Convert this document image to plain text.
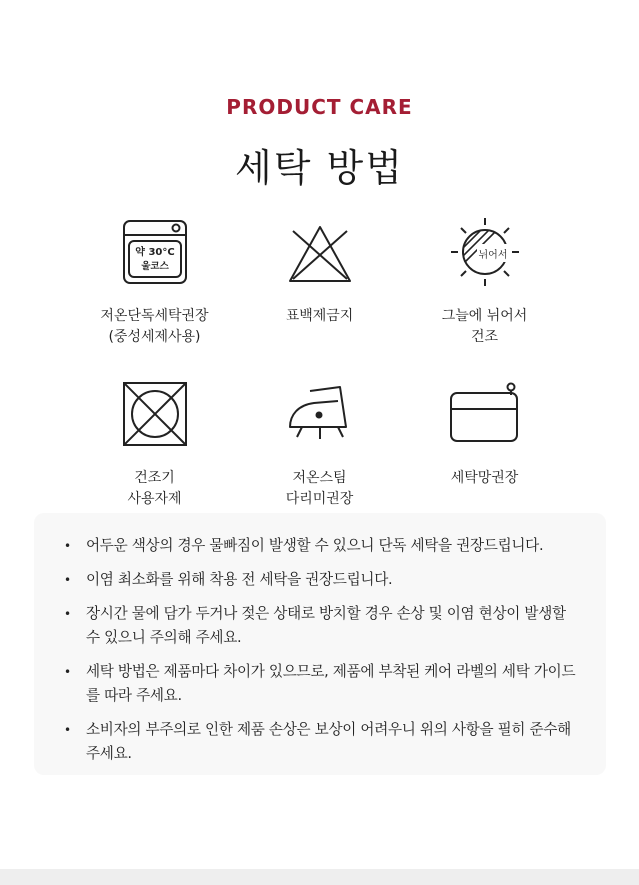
PRODUCT CARE
세탁 방법
약 30°C
울코스
저온단독세탁권장
(중성세제사용)
표백제금지
뉘어서
그늘에 뉘어서
건조
건조기
사용자제
저온스팀
다리미권장
세탁망권장
• 어두운 색상의 경우 물빠짐이 발생할 수 있으니 단독 세탁을 권장드립니다.
• 이염 최소화를 위해 착용 전 세탁을 권장드립니다.
• 장시간 물에 담가 두거나 젖은 상태로 방치할 경우 손상 및 이염 현상이 발생할 수 있으니 주의해 주세요.
• 세탁 방법은 제품마다 차이가 있으므로, 제품에 부착된 케어 라벨의 세탁 가이드를 따라 주세요.
• 소비자의 부주의로 인한 제품 손상은 보상이 어려우니 위의 사항을 필히 준수해 주세요.
